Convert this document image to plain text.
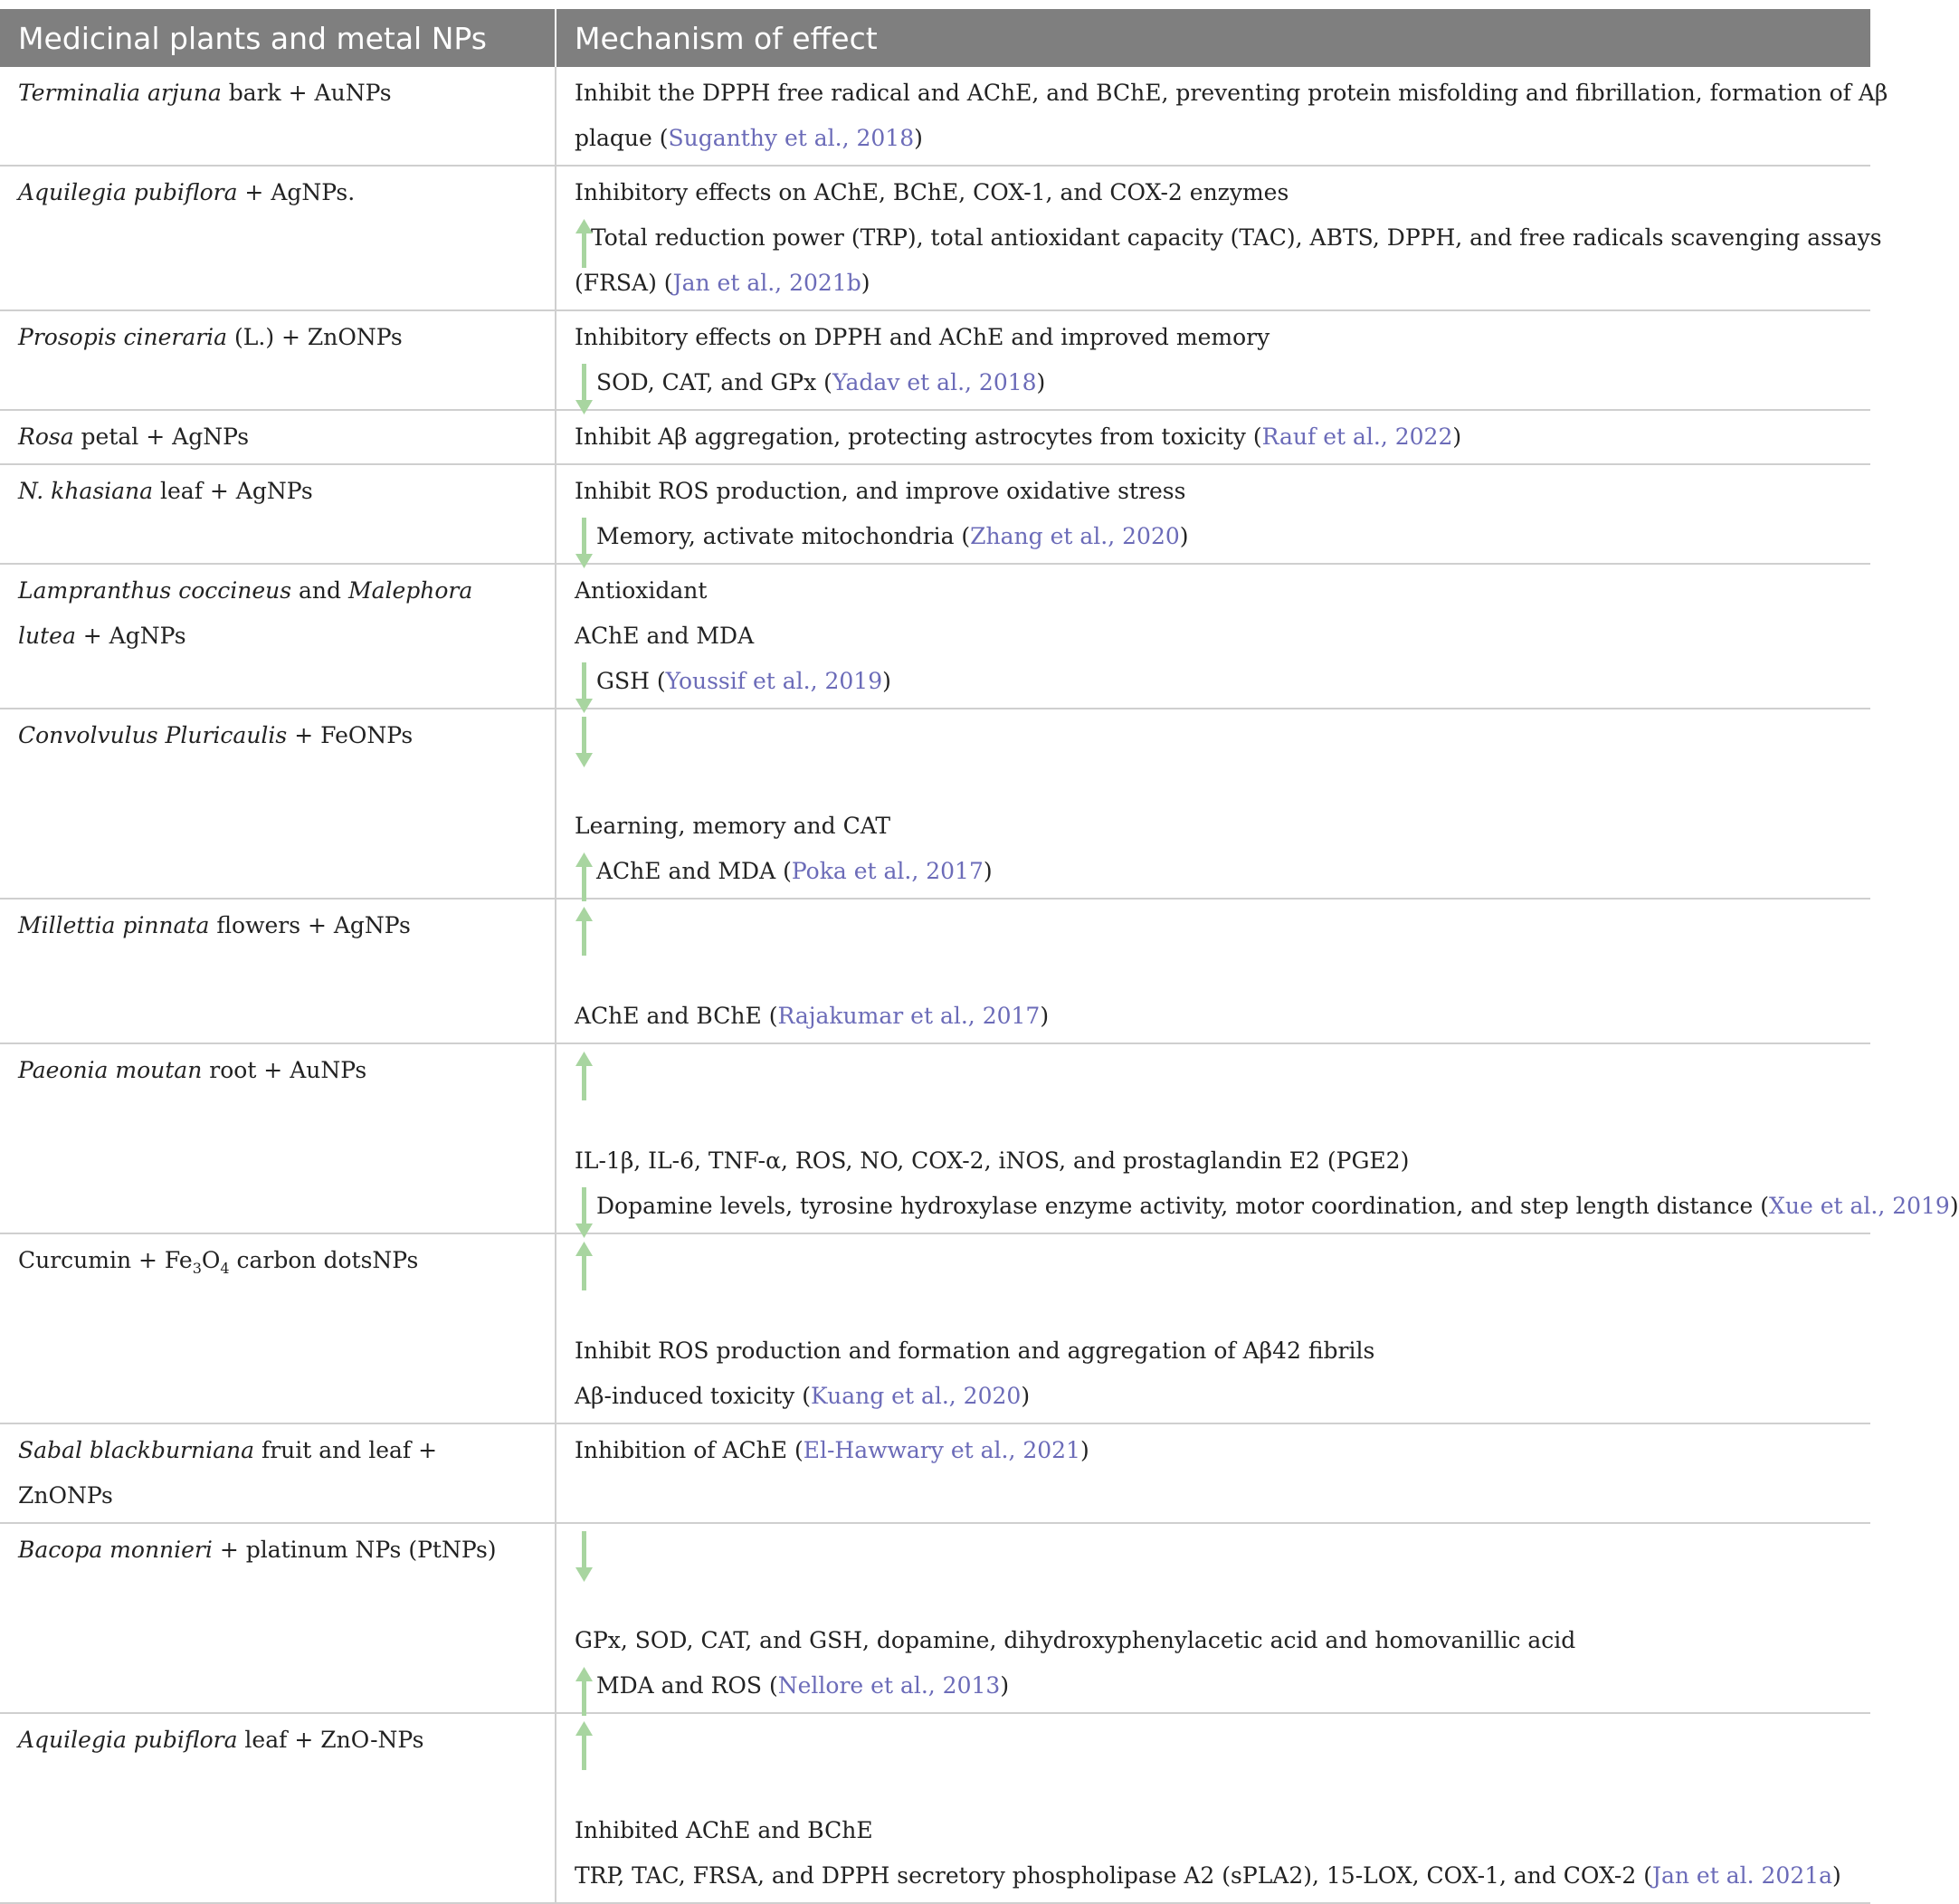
Medicinal plants and metal NPs	Mechanism of effect
Terminalia arjuna bark + AuNPs	Inhibit the DPPH free radical and AChE, and BChE, preventing protein misfolding and fibrillation, formation of Aβ
plaque (Suganthy et al., 2018)

Aquilegia pubiflora + AgNPs.	Inhibitory effects on AChE, BChE, COX-1, and COX-2 enzymes
Total reduction power (TRP), total antioxidant capacity (TAC), ABTS, DPPH, and free radicals scavenging assays
(FRSA) (Jan et al., 2021b)

Prosopis cineraria (L.) + ZnONPs	Inhibitory effects on DPPH and AChE and improved memory
SOD, CAT, and GPx (Yadav et al., 2018)

Rosa petal + AgNPs	Inhibit Aβ aggregation, protecting astrocytes from toxicity (Rauf et al., 2022)

N. khasiana leaf + AgNPs	Inhibit ROS production, and improve oxidative stress
Memory, activate mitochondria (Zhang et al., 2020)

Lampranthus coccineus and Malephora
lutea + AgNPs	Antioxidant
AChE and MDA
GSH (Youssif et al., 2019)

Convolvulus Pluricaulis + FeONPs	Learning, memory and CAT
AChE and MDA (Poka et al., 2017)

Millettia pinnata flowers + AgNPs	AChE and BChE (Rajakumar et al., 2017)

Paeonia moutan root + AuNPs	IL-1β, IL-6, TNF-α, ROS, NO, COX-2, iNOS, and prostaglandin E2 (PGE2)
Dopamine levels, tyrosine hydroxylase enzyme activity, motor coordination, and step length distance (Xue et al., 2019)

Curcumin + $Fe_3O_4$ carbon dotsNPs	Inhibit ROS production and formation and aggregation of Aβ42 fibrils
Aβ-induced toxicity (Kuang et al., 2020)

Sabal blackburniana fruit and leaf + ZnONPs	Inhibition of AChE (El-Hawwary et al., 2021)

Bacopa monnieri + platinum NPs (PtNPs)	GPx, SOD, CAT, and GSH, dopamine, dihydroxyphenylacetic acid and homovanillic acid
MDA and ROS (Nellore et al., 2013)

Aquilegia pubiflora leaf + ZnO-NPs	Inhibited AChE and BChE
TRP, TAC, FRSA, and DPPH secretory phospholipase A2 (sPLA2), 15-LOX, COX-1, and COX-2 (Jan et al. 2021a)
